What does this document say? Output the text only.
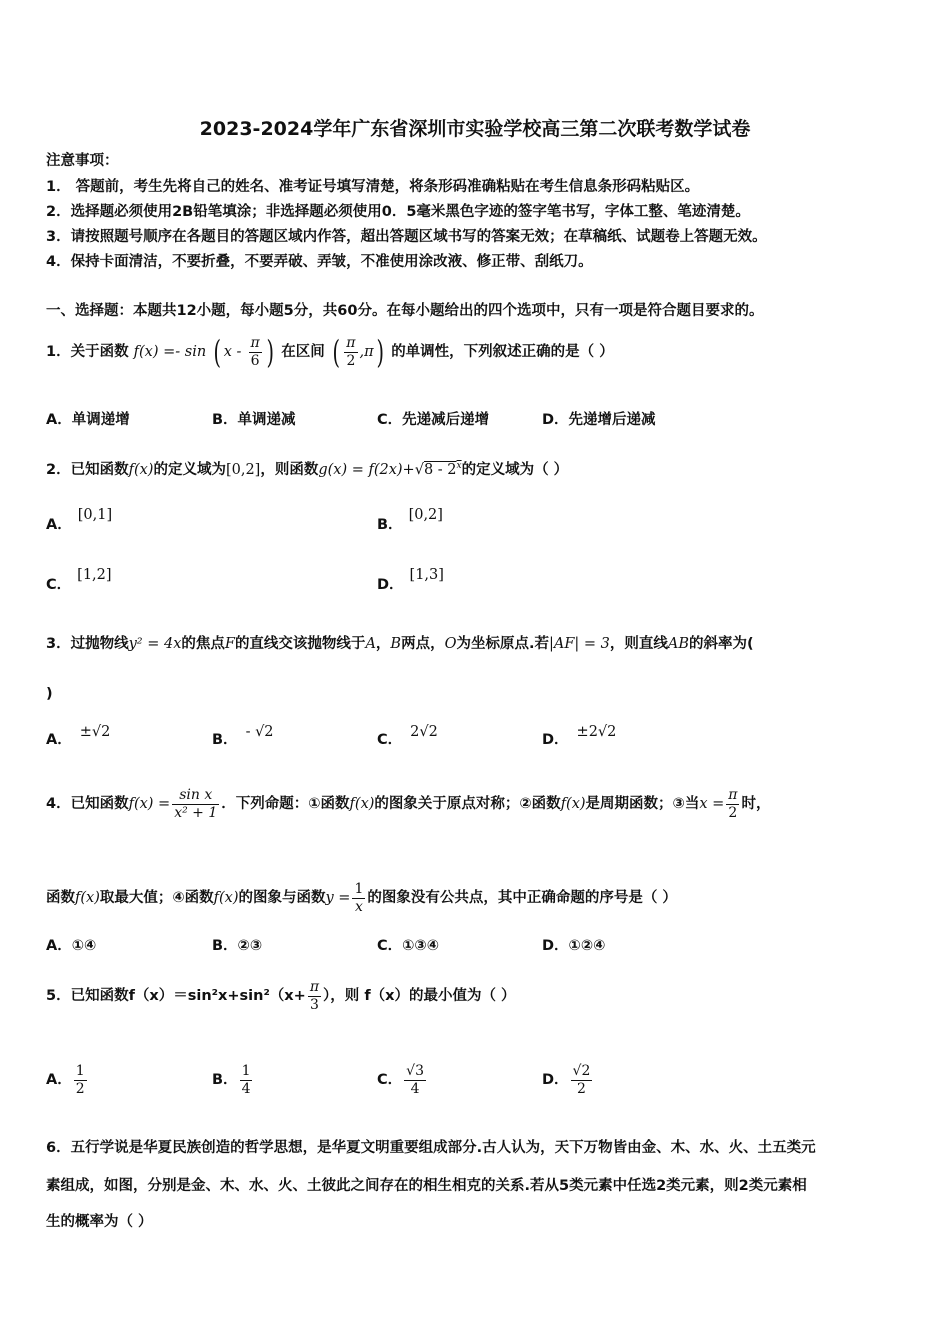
2023-2024学年广东省深圳市实验学校高三第二次联考数学试卷
注意事项：
1． 答题前，考生先将自己的姓名、准考证号填写清楚，将条形码准确粘贴在考生信息条形码粘贴区。
2．选择题必须使用2B铅笔填涂；非选择题必须使用0．5毫米黑色字迹的签字笔书写，字体工整、笔迹清楚。
3．请按照题号顺序在各题目的答题区域内作答，超出答题区域书写的答案无效；在草稿纸、试题卷上答题无效。
4．保持卡面清洁，不要折叠，不要弄破、弄皱，不准使用涂改液、修正带、刮纸刀。
一、选择题：本题共12小题，每小题5分，共60分。在每小题给出的四个选项中，只有一项是符合题目要求的。
1．关于函数 f(x) =- sin ( x - $\frac{\pi}{6}$ ) 在区间 ( $\frac{\pi}{2} ,\pi$) 的单调性，下列叙述正确的是（ ）
A．单调递增	B．单调递减	C．先递减后递增	D．先递增后递减
2．已知函数f(x)的定义域为[0,2]，则函数g(x) = f(2x)+√8 - 2$^x$的定义域为（ ）
A．[0,1]
B．[0,2]
C．[1,2]
D．[1,3]
3．过抛物线y² = 4x的焦点F的直线交该抛物线于A，B两点，O为坐标原点.若|AF| = 3，则直线AB的斜率为(
)
A． ±√2	B． - √2	C． 2√2	D． ±2√2
4．已知函数$f(x) = \frac{\text{sin x}}{\text{x² + 1}}$ ．下列命题：①函数f(x)的图象关于原点对称；②函数f(x)是周期函数；③当$x = \frac{\pi}{2}$ 时，
函数f(x)取最大值；④函数f(x)的图象与函数$y = \frac{1}{x}$ 的图象没有公共点，其中正确命题的序号是（ ）
A．①④	B．②③	C．①③④	D．①②④
5．已知函数$f(x)=\sin^2x+\sin^2(x+ \frac{\pi}{3}$ ），则 f（x）的最小值为（ ）
A． $\frac{1}{2}$	B． $\frac{1}{4}$	C． $\frac{√3}{4}$	D． $\frac{√2}{2}$
6．五行学说是华夏民族创造的哲学思想，是华夏文明重要组成部分.古人认为，天下万物皆由金、木、水、火、土五类元
素组成，如图，分别是金、木、水、火、土彼此之间存在的相生相克的关系.若从5类元素中任选2类元素，则2类元素相
生的概率为（ ）
